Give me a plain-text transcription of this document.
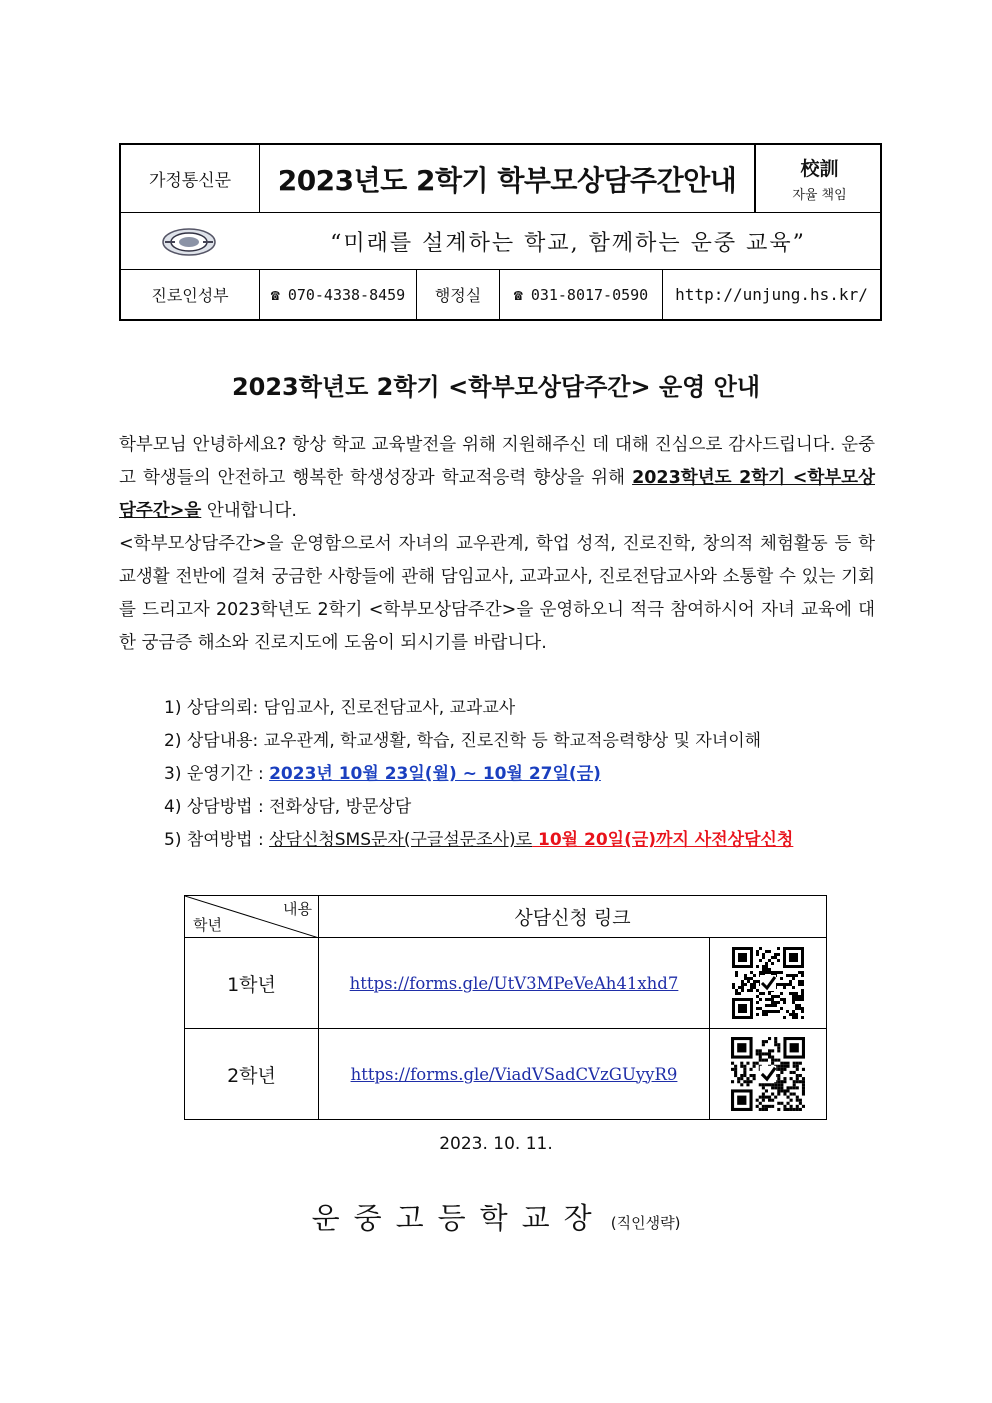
가정통신문	2023년도 2학기 학부모상담주간안내	校訓
자율 책임
“미래를 설계하는 학교, 함께하는 운중 교육”
진로인성부	☎ 070-4338-8459	행정실	☎ 031-8017-0590	http://unjung.hs.kr/
2023학년도 2학기 <학부모상담주간> 운영 안내
학부모님 안녕하세요? 항상 학교 교육발전을 위해 지원해주신 데 대해 진심으로 감사드립니다. 운중고 학생들의 안전하고 행복한 학생성장과 학교적응력 향상을 위해 2023학년도 2학기 <학부모상담주간>을 안내합니다.
<학부모상담주간>을 운영함으로서 자녀의 교우관계, 학업 성적, 진로진학, 창의적 체험활동 등 학교생활 전반에 걸쳐 궁금한 사항들에 관해 담임교사, 교과교사, 진로전담교사와 소통할 수 있는 기회를 드리고자 2023학년도 2학기 <학부모상담주간>을 운영하오니 적극 참여하시어 자녀 교육에 대한 궁금증 해소와 진로지도에 도움이 되시기를 바랍니다.
1) 상담의뢰: 담임교사, 진로전담교사, 교과교사
2) 상담내용: 교우관계, 학교생활, 학습, 진로진학 등 학교적응력향상 및 자녀이해
3) 운영기간 : 2023년 10월 23일(월) ~ 10월 27일(금)
4) 상담방법 : 전화상담, 방문상담
5) 참여방법 : 상담신청SMS문자(구글설문조사)로 10월 20일(금)까지 사전상담신청
내용
학년	상담신청 링크
1학년	https://forms.gle/UtV3MPeVeAh41xhd7
2학년	https://forms.gle/ViadVSadCVzGUyyR9
2023. 10. 11.
운중고등학교장 (직인생략)
